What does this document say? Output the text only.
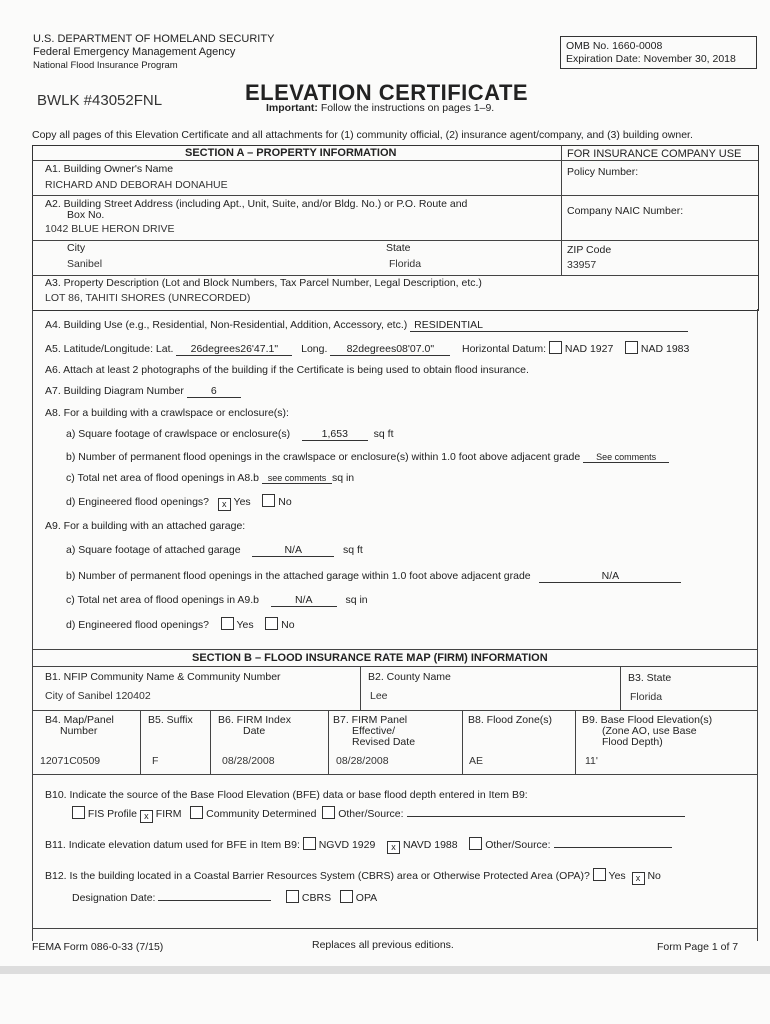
U.S. DEPARTMENT OF HOMELAND SECURITY
Federal Emergency Management Agency
National Flood Insurance Program
OMB No. 1660-0008
Expiration Date: November 30, 2018
BWLK #43052FNL	ELEVATION CERTIFICATE
Important: Follow the instructions on pages 1–9.
Copy all pages of this Elevation Certificate and all attachments for (1) community official, (2) insurance agent/company, and (3) building owner.
SECTION A – PROPERTY INFORMATION	FOR INSURANCE COMPANY USE
Policy Number:
Company NAIC Number:
A1. Building Owner's Name
RICHARD AND DEBORAH DONAHUE
A2. Building Street Address (including Apt., Unit, Suite, and/or Bldg. No.) or P.O. Route and
Box No.
1042 BLUE HERON DRIVE
City
Sanibel
State
Florida
ZIP Code
33957
A3. Property Description (Lot and Block Numbers, Tax Parcel Number, Legal Description, etc.)
LOT 86, TAHITI SHORES (UNRECORDED)
A4. Building Use (e.g., Residential, Non-Residential, Addition, Accessory, etc.) RESIDENTIAL
A5. Latitude/Longitude: Lat. 26degrees26'47.1" Long. 82degrees08'07.0"	Horizontal Datum: NAD 1927	NAD 1983
A6. Attach at least 2 photographs of the building if the Certificate is being used to obtain flood insurance.
A7. Building Diagram Number	6
A8. For a building with a crawlspace or enclosure(s):
a) Square footage of crawlspace or enclosure(s)	1,653 sq ft
b) Number of permanent flood openings in the crawlspace or enclosure(s) within 1.0 foot above adjacent grade See comments
c) Total net area of flood openings in A8.b see comments sq in
d) Engineered flood openings? x Yes	No
A9. For a building with an attached garage:
a) Square footage of attached garage	N/A	sq ft
b) Number of permanent flood openings in the attached garage within 1.0 foot above adjacent grade	N/A
c) Total net area of flood openings in A9.b	N/A	sq in
d) Engineered flood openings?	Yes	No
SECTION B – FLOOD INSURANCE RATE MAP (FIRM) INFORMATION
B1. NFIP Community Name & Community Number
City of Sanibel 120402
B2. County Name
Lee
B3. State
Florida
B4. Map/Panel
Number
12071C0509
B5. Suffix
F
B6. FIRM Index
Date
08/28/2008
B7. FIRM Panel
Effective/
Revised Date
08/28/2008
B8. Flood Zone(s)
AE
B9. Base Flood Elevation(s)
(Zone AO, use Base
Flood Depth)
11'
B10. Indicate the source of the Base Flood Elevation (BFE) data or base flood depth entered in Item B9:
FIS Profile x FIRM Community Determined Other/Source:
B11. Indicate elevation datum used for BFE in Item B9: NGVD 1929 x NAVD 1988	Other/Source:
B12. Is the building located in a Coastal Barrier Resources System (CBRS) area or Otherwise Protected Area (OPA)? Yes x No
Designation Date:	CBRS OPA
FEMA Form 086-0-33 (7/15)	Replaces all previous editions.	Form Page 1 of 7
